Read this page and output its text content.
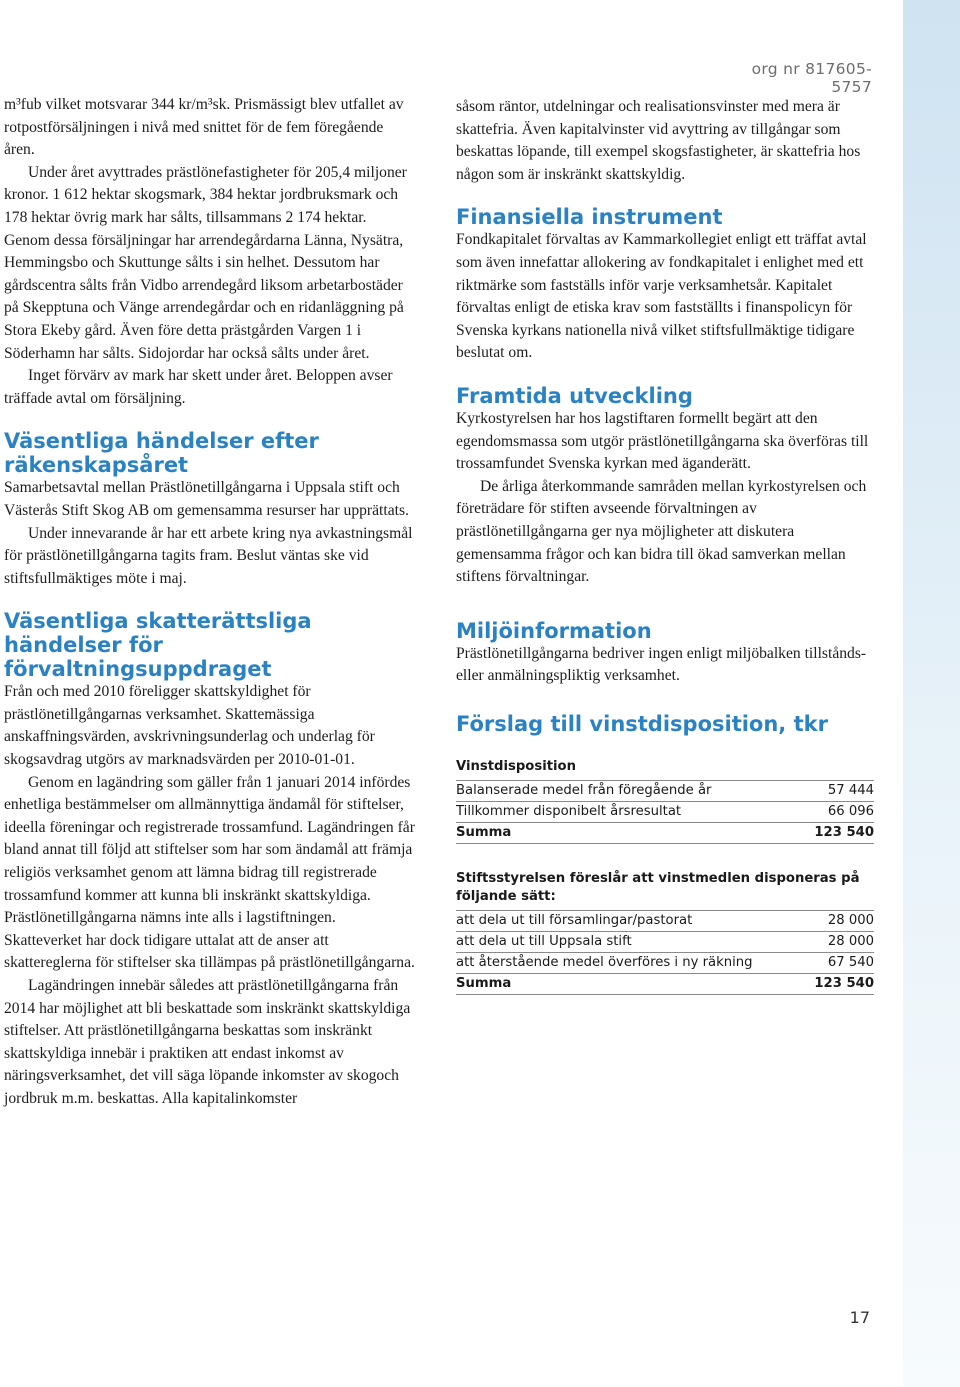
org nr 817605-5757

m³fub vilket motsvarar 344 kr/m³sk. Prismässigt blev utfallet av rotpostförsäljningen i nivå med snittet för de fem föregående åren.

Under året avyttrades prästlönefastigheter för 205,4 miljoner kronor. 1 612 hektar skogsmark, 384 hektar jordbruksmark och 178 hektar övrig mark har sålts, tillsammans 2 174 hektar. Genom dessa försäljningar har arrendegårdarna Länna, Nysätra, Hemmingsbo och Skuttunge sålts i sin helhet. Dessutom har gårdscentra sålts från Vidbo arrendegård liksom arbetarbostäder på Skepptuna och Vänge arrendegårdar och en ridanläggning på Stora Ekeby gård. Även före detta prästgården Vargen 1 i Söderhamn har sålts. Sidojordar har också sålts under året.

Inget förvärv av mark har skett under året. Beloppen avser träffade avtal om försäljning.

Väsentliga händelser efter räkenskapsåret

Samarbetsavtal mellan Prästlönetillgångarna i Uppsala stift och Västerås Stift Skog AB om gemensamma resurser har upprättats.

Under innevarande år har ett arbete kring nya avkastningsmål för prästlönetillgångarna tagits fram. Beslut väntas ske vid stiftsfullmäktiges möte i maj.

Väsentliga skatterättsliga händelser för förvaltningsuppdraget

Från och med 2010 föreligger skattskyldighet för prästlönetillgångarnas verksamhet. Skattemässiga anskaffningsvärden, avskrivningsunderlag och underlag för skogsavdrag utgörs av marknadsvärden per 2010-01-01.

Genom en lagändring som gäller från 1 januari 2014 infördes enhetliga bestämmelser om allmännyttiga ändamål för stiftelser, ideella föreningar och registrerade trossamfund. Lagändringen får bland annat till följd att stiftelser som har som ändamål att främja religiös verksamhet genom att lämna bidrag till registrerade trossamfund kommer att kunna bli inskränkt skattskyldiga. Prästlönetillgångarna nämns inte alls i lagstiftningen. Skatteverket har dock tidigare uttalat att de anser att skattereglerna för stiftelser ska tillämpas på prästlönetillgångarna.

Lagändringen innebär således att prästlönetillgångarna från 2014 har möjlighet att bli beskattade som inskränkt skattskyldiga stiftelser. Att prästlönetillgångarna beskattas som inskränkt skattskyldiga innebär i praktiken att endast inkomst av näringsverksamhet, det vill säga löpande inkomster av skogoch jordbruk m.m. beskattas. Alla kapitalinkomster

såsom räntor, utdelningar och realisationsvinster med mera är skattefria. Även kapitalvinster vid avyttring av tillgångar som beskattas löpande, till exempel skogsfastigheter, är skattefria hos någon som är inskränkt skattskyldig.

Finansiella instrument

Fondkapitalet förvaltas av Kammarkollegiet enligt ett träffat avtal som även innefattar allokering av fondkapitalet i enlighet med ett riktmärke som fastställs inför varje verksamhetsår. Kapitalet förvaltas enligt de etiska krav som fastställts i finanspolicyn för Svenska kyrkans nationella nivå vilket stiftsfullmäktige tidigare beslutat om.

Framtida utveckling

Kyrkostyrelsen har hos lagstiftaren formellt begärt att den egendomsmassa som utgör prästlönetillgångarna ska överföras till trossamfundet Svenska kyrkan med äganderätt.

De årliga återkommande samråden mellan kyrkostyrelsen och företrädare för stiften avseende förvaltningen av prästlönetillgångarna ger nya möjligheter att diskutera gemensamma frågor och kan bidra till ökad samverkan mellan stiftens förvaltningar.

Miljöinformation

Prästlönetillgångarna bedriver ingen enligt miljöbalken tillstånds- eller anmälningspliktig verksamhet.

Förslag till vinstdisposition, tkr
Vinstdisposition
Balanserade medel från föregående år	57 444
Tillkommer disponibelt årsresultat	66 096
Summa	123 540
Stiftsstyrelsen föreslår att vinstmedlen disponeras på följande sätt:
att dela ut till församlingar/pastorat	28 000
att dela ut till Uppsala stift	28 000
att återstående medel överföres i ny räkning	67 540
Summa	123 540
17
